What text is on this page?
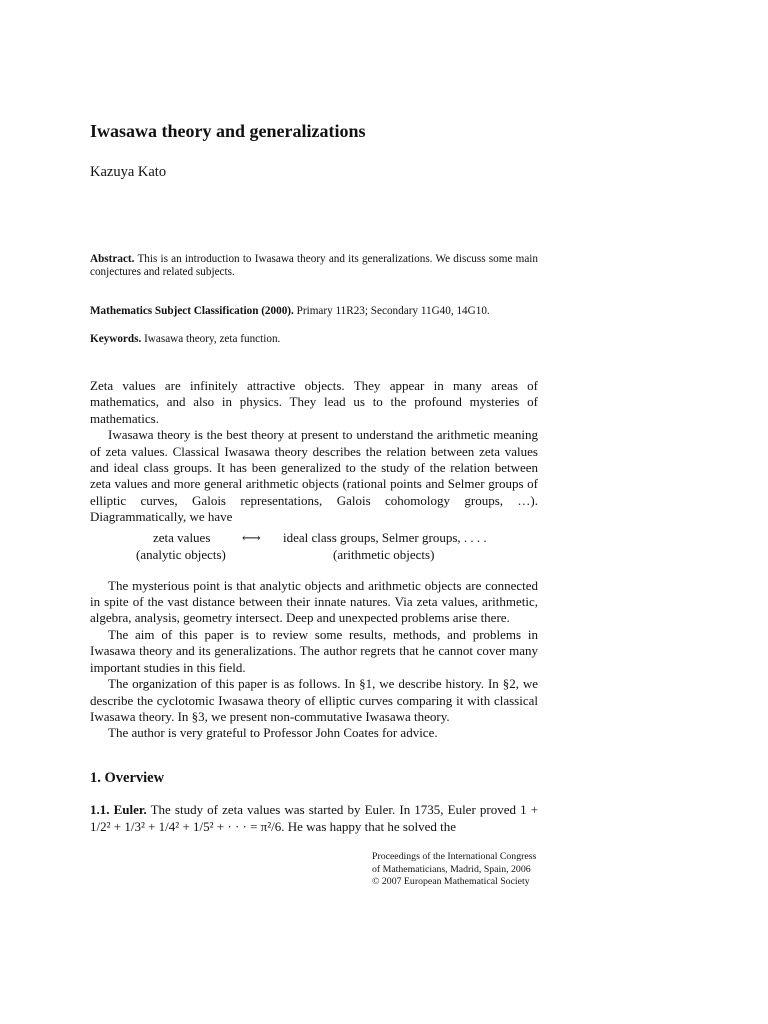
Iwasawa theory and generalizations
Kazuya Kato

Abstract. This is an introduction to Iwasawa theory and its generalizations. We discuss some main conjectures and related subjects.

Mathematics Subject Classification (2000). Primary 11R23; Secondary 11G40, 14G10.

Keywords. Iwasawa theory, zeta function.

Zeta values are infinitely attractive objects. They appear in many areas of mathematics, and also in physics. They lead us to the profound mysteries of mathematics.

Iwasawa theory is the best theory at present to understand the arithmetic meaning of zeta values. Classical Iwasawa theory describes the relation between zeta values and ideal class groups. It has been generalized to the study of the relation between zeta values and more general arithmetic objects (rational points and Selmer groups of elliptic curves, Galois representations, Galois cohomology groups, …). Diagrammatically, we have

zeta values
(analytic objects)
⟷ ideal class groups, Selmer groups, . . . .
(arithmetic objects)

The mysterious point is that analytic objects and arithmetic objects are connected in spite of the vast distance between their innate natures. Via zeta values, arithmetic, algebra, analysis, geometry intersect. Deep and unexpected problems arise there.

The aim of this paper is to review some results, methods, and problems in Iwasawa theory and its generalizations. The author regrets that he cannot cover many important studies in this field.

The organization of this paper is as follows. In §1, we describe history. In §2, we describe the cyclotomic Iwasawa theory of elliptic curves comparing it with classical Iwasawa theory. In §3, we present non-commutative Iwasawa theory.

The author is very grateful to Professor John Coates for advice.

1. Overview

1.1. Euler. The study of zeta values was started by Euler. In 1735, Euler proved 1 + 1/2² + 1/3² + 1/4² + 1/5² + · · · = π²/6. He was happy that he solved the

Proceedings of the International Congress
of Mathematicians, Madrid, Spain, 2006
© 2007 European Mathematical Society
